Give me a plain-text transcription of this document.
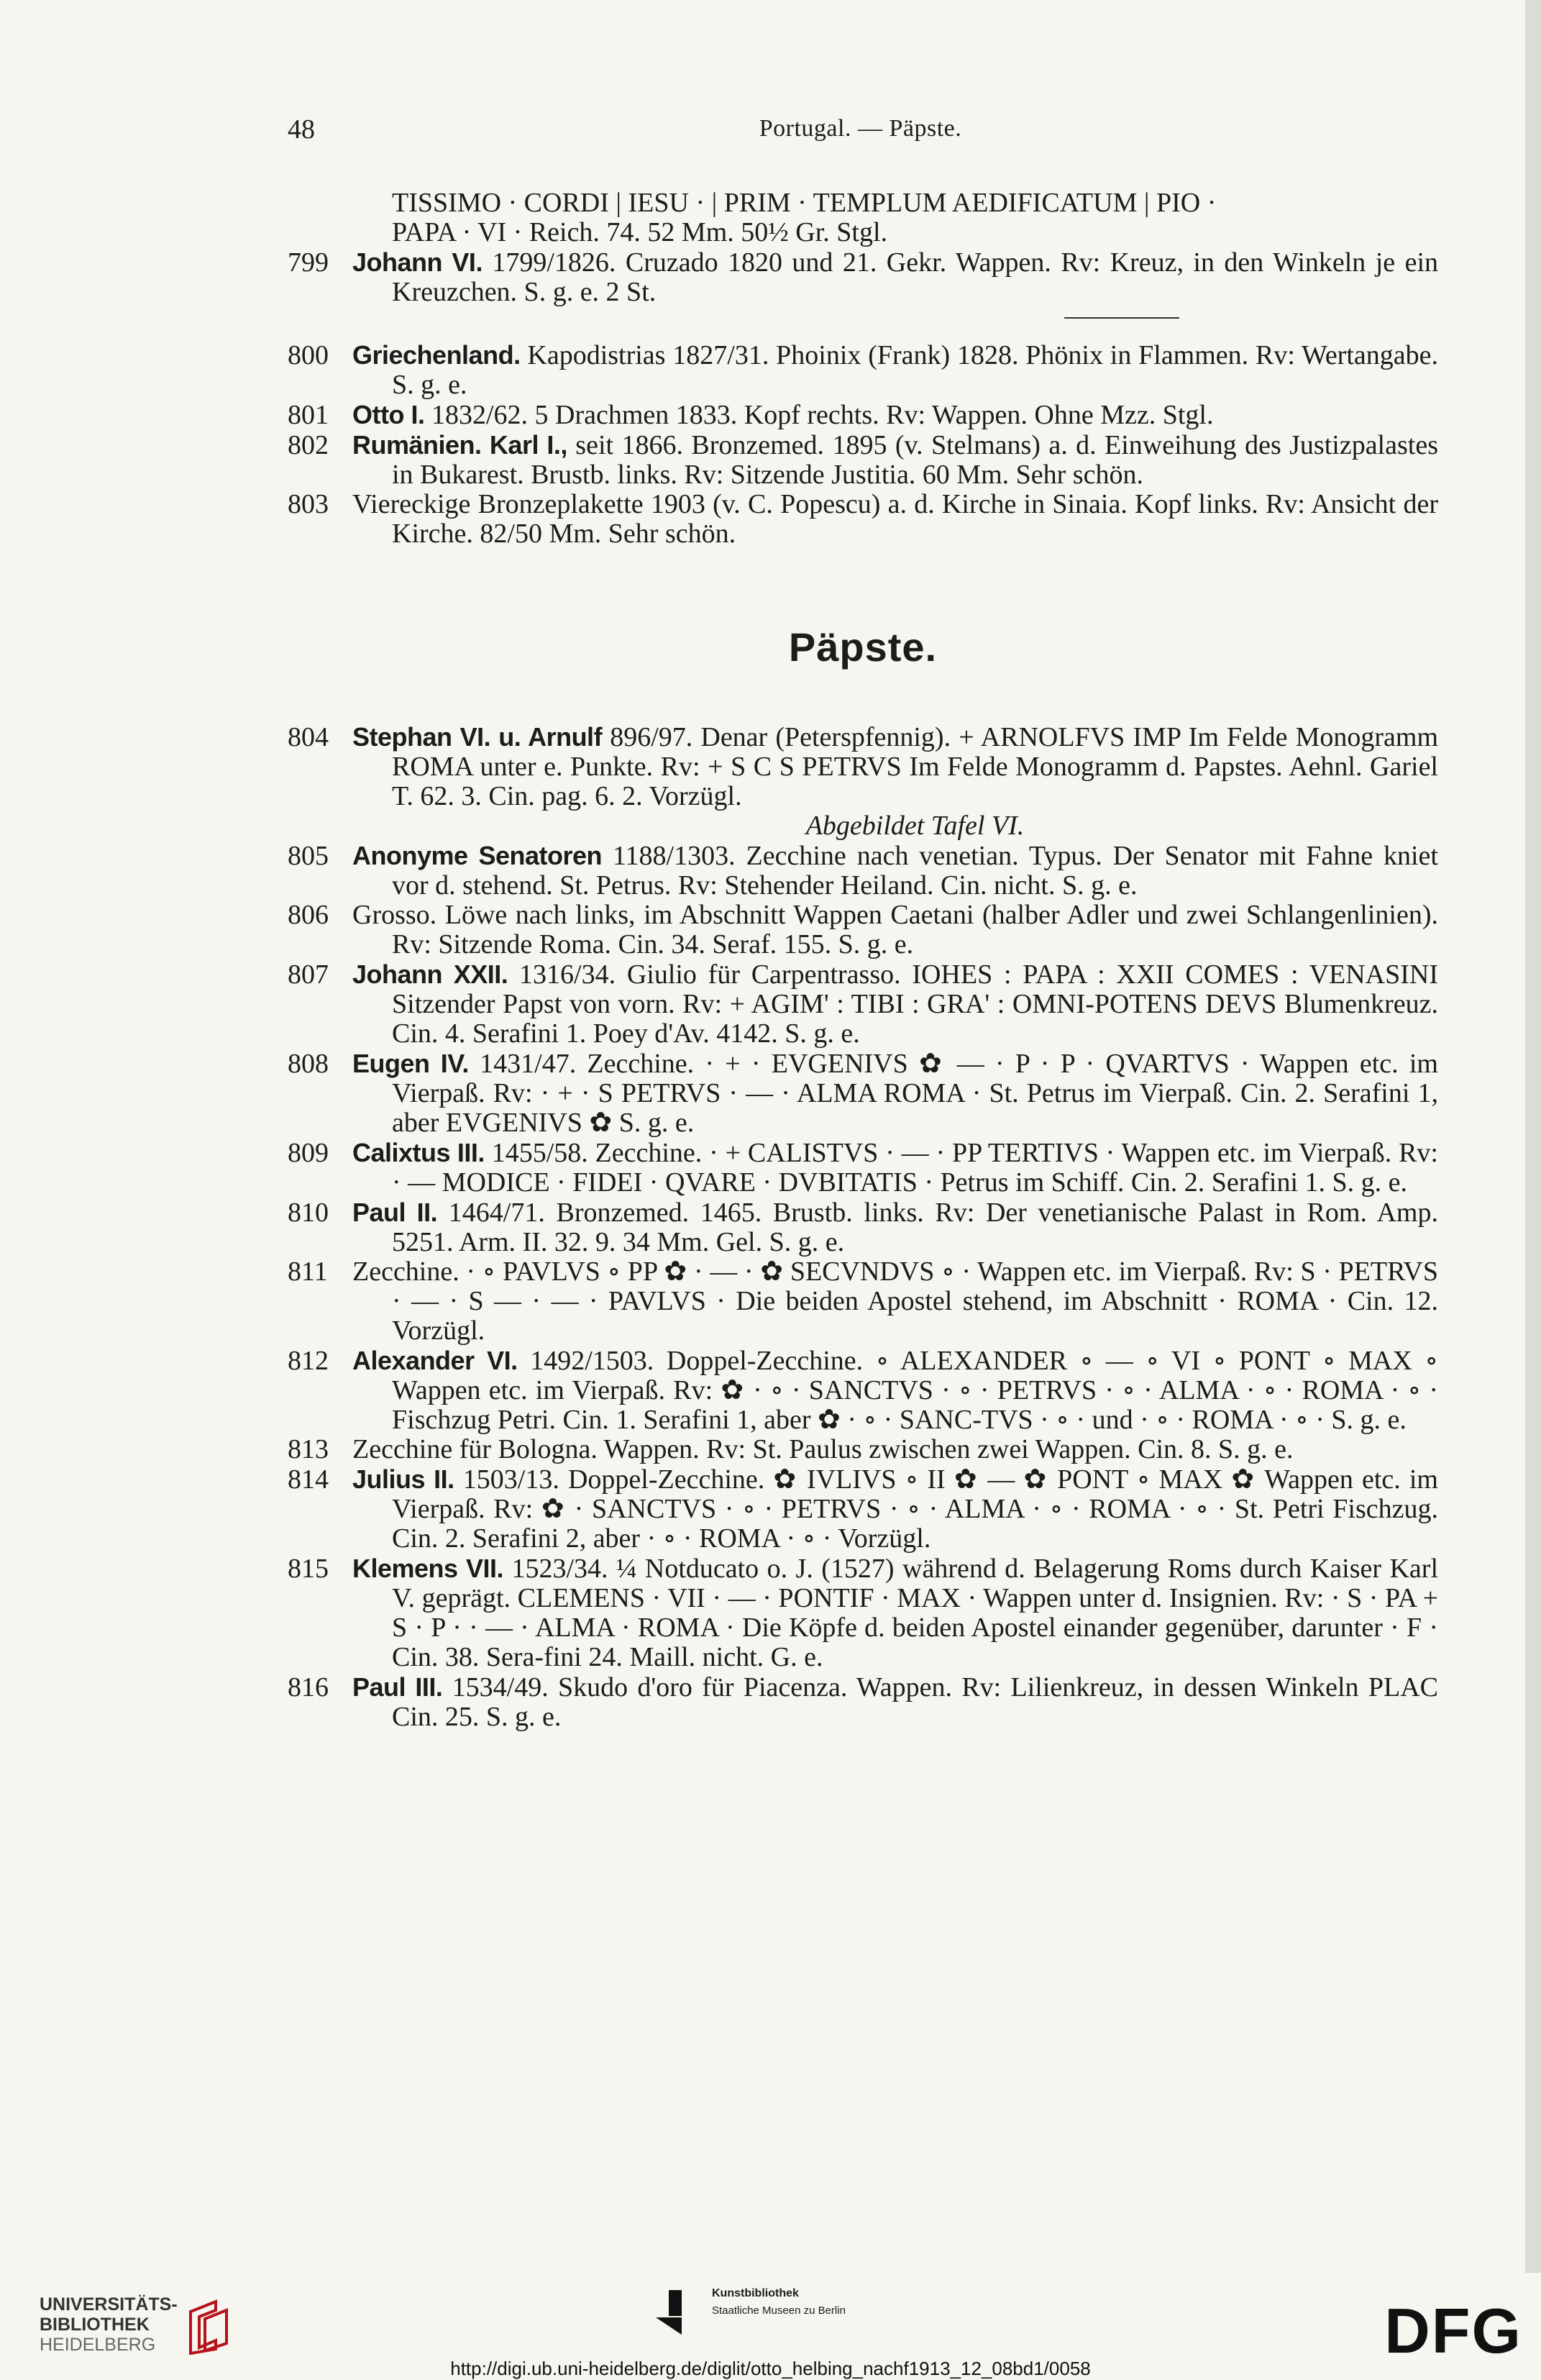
48	Portugal. — Päpste.

TISSIMO · CORDI | IESU · | PRIM · TEMPLUM AEDIFICATUM | PIO ·

PAPA · VI · Reich. 74. 52 Mm. 50½ Gr. Stgl.

799 Johann VI. 1799/1826. Cruzado 1820 und 21. Gekr. Wappen. Rv: Kreuz, in den Winkeln je ein Kreuzchen. S. g. e. 2 St.

800 Griechenland. Kapodistrias 1827/31. Phoinix (Frank) 1828. Phönix in Flammen. Rv: Wertangabe. S. g. e.

801 Otto I. 1832/62. 5 Drachmen 1833. Kopf rechts. Rv: Wappen. Ohne Mzz. Stgl.

802 Rumänien. Karl I., seit 1866. Bronzemed. 1895 (v. Stelmans) a. d. Einweihung des Justizpalastes in Bukarest. Brustb. links. Rv: Sitzende Justitia. 60 Mm. Sehr schön.

803 Viereckige Bronzeplakette 1903 (v. C. Popescu) a. d. Kirche in Sinaia. Kopf links. Rv: Ansicht der Kirche. 82/50 Mm. Sehr schön.

Päpste.

804 Stephan VI. u. Arnulf 896/97. Denar (Peterspfennig). + ARNOLFVS IMP Im Felde Monogramm ROMA unter e. Punkte. Rv: + S C S PETRVS Im Felde Monogramm d. Papstes. Aehnl. Gariel T. 62. 3. Cin. pag. 6. 2. Vorzügl.

Abgebildet Tafel VI.

805 Anonyme Senatoren 1188/1303. Zecchine nach venetian. Typus. Der Senator mit Fahne kniet vor d. stehend. St. Petrus. Rv: Stehender Heiland. Cin. nicht. S. g. e.

806 Grosso. Löwe nach links, im Abschnitt Wappen Caetani (halber Adler und zwei Schlangenlinien). Rv: Sitzende Roma. Cin. 34. Seraf. 155. S. g. e.

807 Johann XXII. 1316/34. Giulio für Carpentrasso. IOHES : PAPA : XXII COMES : VENASINI Sitzender Papst von vorn. Rv: + AGIM' : TIBI : GRA' : OMNI-POTENS DEVS Blumenkreuz. Cin. 4. Serafini 1. Poey d'Av. 4142. S. g. e.

808 Eugen IV. 1431/47. Zecchine. · + · EVGENIVS ✿ — · P · P · QVARTVS · Wappen etc. im Vierpaß. Rv: · + · S PETRVS · — · ALMA ROMA · St. Petrus im Vierpaß. Cin. 2. Serafini 1, aber EVGENIVS ✿ S. g. e.

809 Calixtus III. 1455/58. Zecchine. · + CALISTVS · — · PP TERTIVS · Wappen etc. im Vierpaß. Rv: · — MODICE · FIDEI · QVARE · DVBITATIS · Petrus im Schiff. Cin. 2. Serafini 1. S. g. e.

810 Paul II. 1464/71. Bronzemed. 1465. Brustb. links. Rv: Der venetianische Palast in Rom. Amp. 5251. Arm. II. 32. 9. 34 Mm. Gel. S. g. e.

811 Zecchine. · ∘ PAVLVS ∘ PP ✿ · — · ✿ SECVNDVS ∘ · Wappen etc. im Vierpaß. Rv: S · PETRVS · — · S — · — · PAVLVS · Die beiden Apostel stehend, im Abschnitt · ROMA · Cin. 12. Vorzügl.

812 Alexander VI. 1492/1503. Doppel-Zecchine. ∘ ALEXANDER ∘ — ∘ VI ∘ PONT ∘ MAX ∘ Wappen etc. im Vierpaß. Rv: ✿ · ∘ · SANCTVS · ∘ · PETRVS · ∘ · ALMA · ∘ · ROMA · ∘ · Fischzug Petri. Cin. 1. Serafini 1, aber ✿ · ∘ · SANC-TVS · ∘ · und · ∘ · ROMA · ∘ · S. g. e.

813 Zecchine für Bologna. Wappen. Rv: St. Paulus zwischen zwei Wappen. Cin. 8. S. g. e.

814 Julius II. 1503/13. Doppel-Zecchine. ✿ IVLIVS ∘ II ✿ — ✿ PONT ∘ MAX ✿ Wappen etc. im Vierpaß. Rv: ✿ · SANCTVS · ∘ · PETRVS · ∘ · ALMA · ∘ · ROMA · ∘ · St. Petri Fischzug. Cin. 2. Serafini 2, aber · ∘ · ROMA · ∘ · Vorzügl.

815 Klemens VII. 1523/34. ¼ Notducato o. J. (1527) während d. Belagerung Roms durch Kaiser Karl V. geprägt. CLEMENS · VII · — · PONTIF · MAX · Wappen unter d. Insignien. Rv: · S · PA + S · P · · — · ALMA · ROMA · Die Köpfe d. beiden Apostel einander gegenüber, darunter · F · Cin. 38. Sera-fini 24. Maill. nicht. G. e.

816 Paul III. 1534/49. Skudo d'oro für Piacenza. Wappen. Rv: Lilienkreuz, in dessen Winkeln PLAC Cin. 25. S. g. e.

UNIVERSITÄTS-
BIBLIOTHEK
HEIDELBERG
Kunstbibliothek
Staatliche Museen zu Berlin	DFG
http://digi.ub.uni-heidelberg.de/diglit/otto_helbing_nachf1913_12_08bd1/0058
